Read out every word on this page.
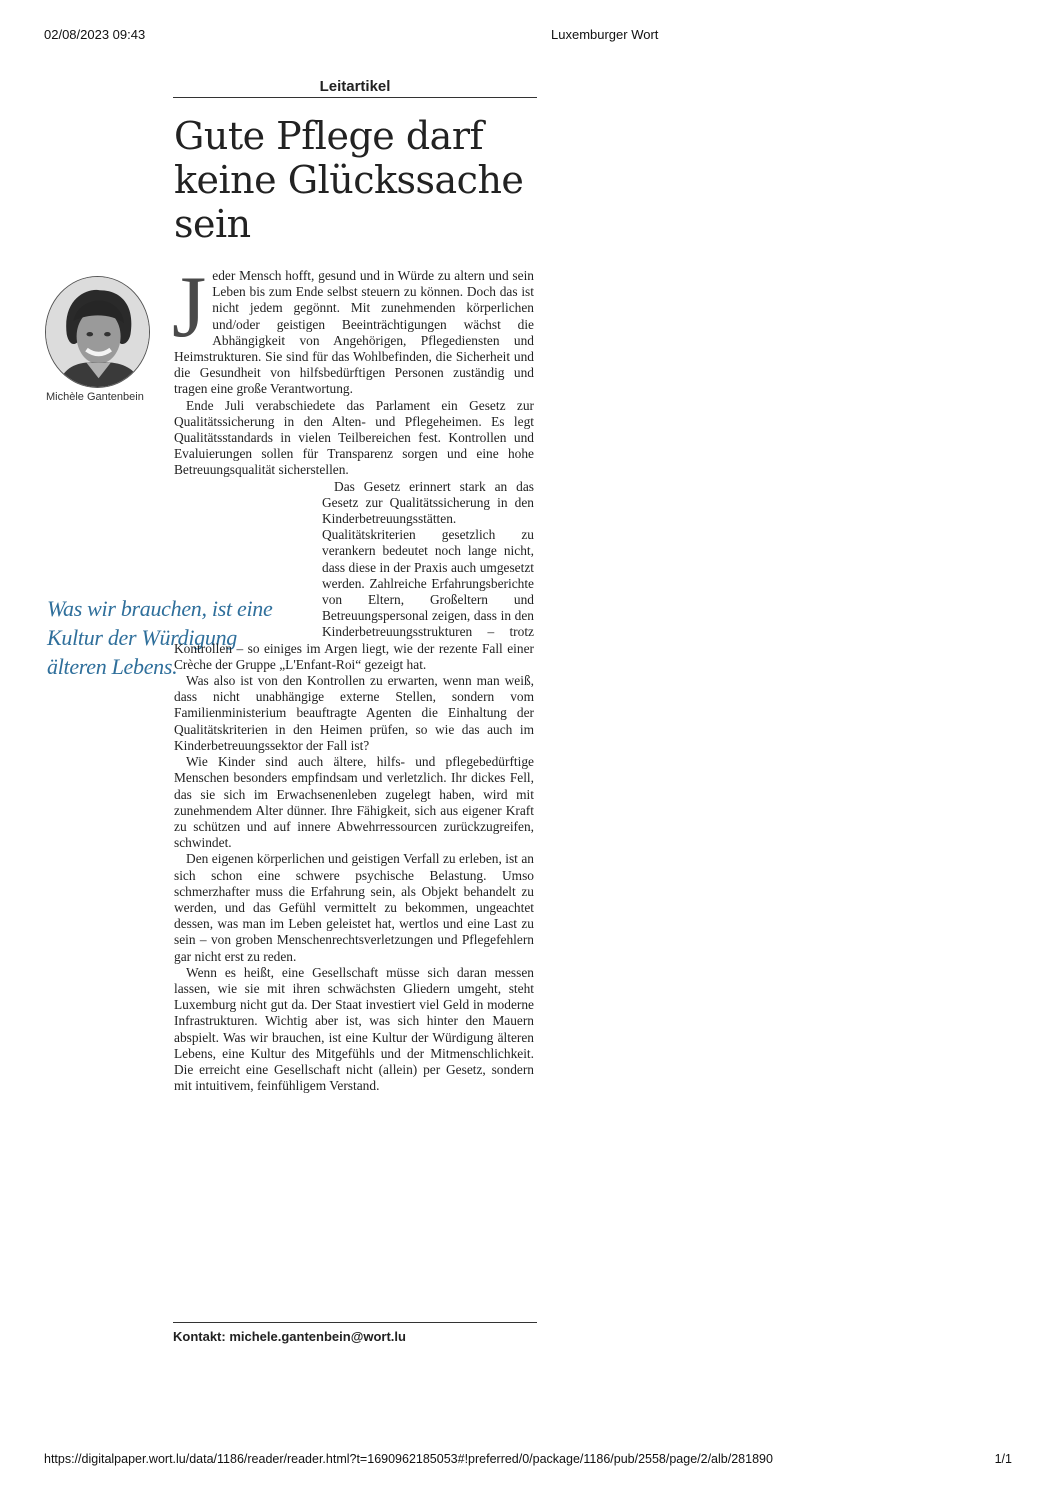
02/08/2023 09:43	Luxemburger Wort
Leitartikel
Gute Pflege darf keine Glückssache sein
Michèle Gantenbein
Was wir brauchen, ist eine Kultur der Würdigung älteren Lebens.

Jeder Mensch hofft, gesund und in Würde zu altern und sein Leben bis zum Ende selbst steuern zu können. Doch das ist nicht jedem gegönnt. Mit zunehmenden körperlichen und/oder geistigen Beeinträchtigungen wächst die Abhängigkeit von Angehörigen, Pflegediensten und Heimstrukturen. Sie sind für das Wohlbefinden, die Sicherheit und die Gesundheit von hilfsbedürftigen Personen zuständig und tragen eine große Verantwortung.

Ende Juli verabschiedete das Parlament ein Gesetz zur Qualitätssicherung in den Alten- und Pflegeheimen. Es legt Qualitätsstandards in vielen Teilbereichen fest. Kontrollen und Evaluierungen sollen für Transparenz sorgen und eine hohe Betreuungsqualität sicherstellen.

Das Gesetz erinnert stark an das Gesetz zur Qualitätssicherung in den Kinderbetreuungsstätten. Qualitätskriterien gesetzlich zu verankern bedeutet noch lange nicht, dass diese in der Praxis auch umgesetzt werden. Zahlreiche Erfahrungsberichte von Eltern, Großeltern und Betreuungspersonal zeigen, dass in den Kinderbetreuungsstrukturen – trotz Kontrollen – so einiges im Argen liegt, wie der rezente Fall einer Crèche der Gruppe „L'Enfant-Roi“ gezeigt hat.

Was also ist von den Kontrollen zu erwarten, wenn man weiß, dass nicht unabhängige externe Stellen, sondern vom Familienministerium beauftragte Agenten die Einhaltung der Qualitätskriterien in den Heimen prüfen, so wie das auch im Kinderbetreuungssektor der Fall ist?

Wie Kinder sind auch ältere, hilfs- und pflegebedürftige Menschen besonders empfindsam und verletzlich. Ihr dickes Fell, das sie sich im Erwachsenenleben zugelegt haben, wird mit zunehmendem Alter dünner. Ihre Fähigkeit, sich aus eigener Kraft zu schützen und auf innere Abwehrressourcen zurückzugreifen, schwindet.

Den eigenen körperlichen und geistigen Verfall zu erleben, ist an sich schon eine schwere psychische Belastung. Umso schmerzhafter muss die Erfahrung sein, als Objekt behandelt zu werden, und das Gefühl vermittelt zu bekommen, ungeachtet dessen, was man im Leben geleistet hat, wertlos und eine Last zu sein – von groben Menschenrechtsverletzungen und Pflegefehlern gar nicht erst zu reden.

Wenn es heißt, eine Gesellschaft müsse sich daran messen lassen, wie sie mit ihren schwächsten Gliedern umgeht, steht Luxemburg nicht gut da. Der Staat investiert viel Geld in moderne Infrastrukturen. Wichtig aber ist, was sich hinter den Mauern abspielt. Was wir brauchen, ist eine Kultur der Würdigung älteren Lebens, eine Kultur des Mitgefühls und der Mitmenschlichkeit. Die erreicht eine Gesellschaft nicht (allein) per Gesetz, sondern mit intuitivem, feinfühligem Verstand.

Kontakt: michele.gantenbein@wort.lu
https://digitalpaper.wort.lu/data/1186/reader/reader.html?t=1690962185053#!preferred/0/package/1186/pub/2558/page/2/alb/281890	1/1
